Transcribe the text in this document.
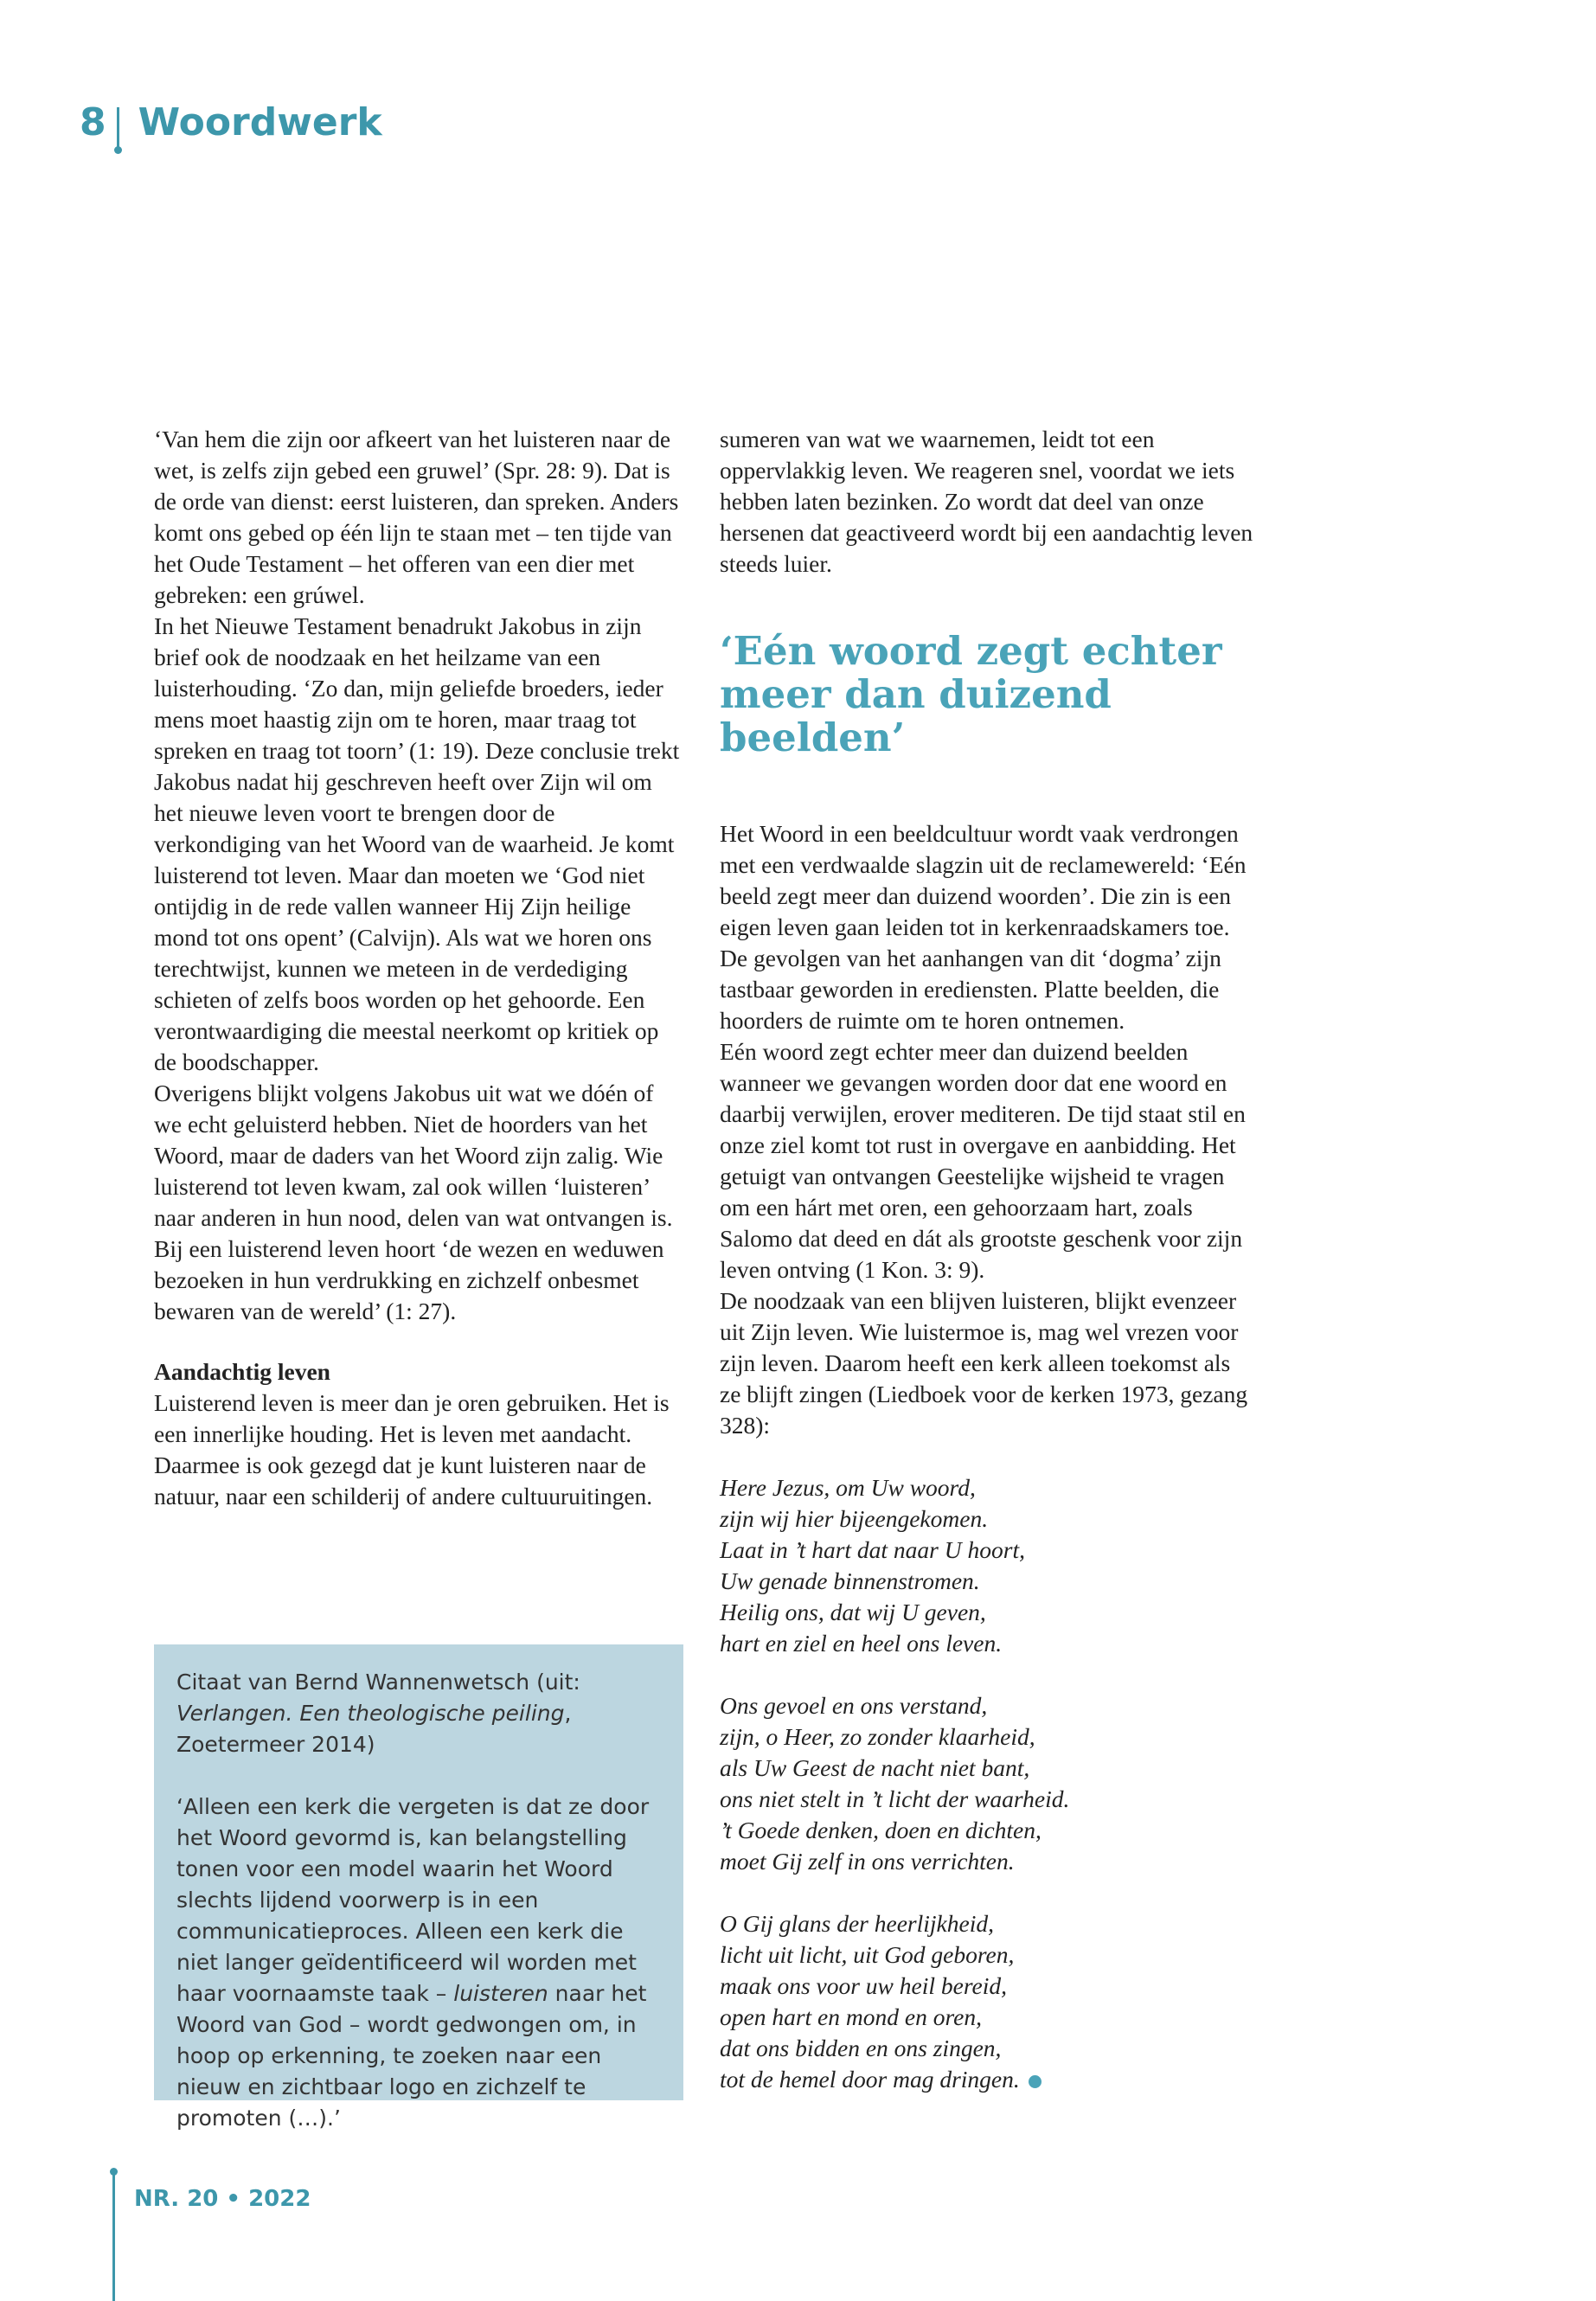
8 Woordwerk

‘Van hem die zijn oor afkeert van het luisteren naar de wet, is zelfs zijn gebed een gruwel’ (Spr. 28: 9). Dat is de orde van dienst: eerst luisteren, dan spreken. Anders komt ons gebed op één lijn te staan met – ten tijde van het Oude Testament – het offeren van een dier met gebreken: een grúwel.

In het Nieuwe Testament benadrukt Jakobus in zijn brief ook de noodzaak en het heilzame van een luisterhouding. ‘Zo dan, mijn geliefde broeders, ieder mens moet haastig zijn om te horen, maar traag tot spreken en traag tot toorn’ (1: 19). Deze conclusie trekt Jakobus nadat hij geschreven heeft over Zijn wil om het nieuwe leven voort te brengen door de verkondiging van het Woord van de waarheid. Je komt luisterend tot leven. Maar dan moeten we ‘God niet ontijdig in de rede vallen wanneer Hij Zijn heilige mond tot ons opent’ (Calvijn). Als wat we horen ons terechtwijst, kunnen we meteen in de verdediging schieten of zelfs boos worden op het gehoorde. Een verontwaardiging die meestal neerkomt op kritiek op de boodschapper.

Overigens blijkt volgens Jakobus uit wat we dóén of we echt geluisterd hebben. Niet de hoorders van het Woord, maar de daders van het Woord zijn zalig. Wie luisterend tot leven kwam, zal ook willen ‘luisteren’ naar anderen in hun nood, delen van wat ontvangen is. Bij een luisterend leven hoort ‘de wezen en weduwen bezoeken in hun verdrukking en zichzelf onbesmet bewaren van de wereld’ (1: 27).

Aandachtig leven

Luisterend leven is meer dan je oren gebruiken. Het is een innerlijke houding. Het is leven met aandacht. Daarmee is ook gezegd dat je kunt luisteren naar de natuur, naar een schilderij of andere cultuuruitingen.

sumeren van wat we waarnemen, leidt tot een oppervlakkig leven. We reageren snel, voordat we iets hebben laten bezinken. Zo wordt dat deel van onze hersenen dat geactiveerd wordt bij een aandachtig leven steeds luier.

‘Eén woord zegt echter meer dan duizend beelden’

Het Woord in een beeldcultuur wordt vaak verdrongen met een verdwaalde slagzin uit de reclamewereld: ‘Eén beeld zegt meer dan duizend woorden’. Die zin is een eigen leven gaan leiden tot in kerkenraadskamers toe. De gevolgen van het aanhangen van dit ‘dogma’ zijn tastbaar geworden in erediensten. Platte beelden, die hoorders de ruimte om te horen ontnemen.

Eén woord zegt echter meer dan duizend beelden wanneer we gevangen worden door dat ene woord en daarbij verwijlen, erover mediteren. De tijd staat stil en onze ziel komt tot rust in overgave en aanbidding. Het getuigt van ontvangen Geestelijke wijsheid te vragen om een hárt met oren, een gehoorzaam hart, zoals Salomo dat deed en dát als grootste geschenk voor zijn leven ontving (1 Kon. 3: 9).

De noodzaak van een blijven luisteren, blijkt evenzeer uit Zijn leven. Wie luistermoe is, mag wel vrezen voor zijn leven. Daarom heeft een kerk alleen toekomst als ze blijft zingen (Liedboek voor de kerken 1973, gezang 328):

Here Jezus, om Uw woord,
zijn wij hier bijeengekomen.
Laat in ’t hart dat naar U hoort,
Uw genade binnenstromen.
Heilig ons, dat wij U geven,
hart en ziel en heel ons leven.

Ons gevoel en ons verstand,
zijn, o Heer, zo zonder klaarheid,
als Uw Geest de nacht niet bant,
ons niet stelt in ’t licht der waarheid.
’t Goede denken, doen en dichten,
moet Gij zelf in ons verrichten.

O Gij glans der heerlijkheid,
licht uit licht, uit God geboren,
maak ons voor uw heil bereid,
open hart en mond en oren,
dat ons bidden en ons zingen,
tot de hemel door mag dringen.

Citaat van Bernd Wannenwetsch (uit: Verlangen. Een theologische peiling, Zoetermeer 2014)

‘Alleen een kerk die vergeten is dat ze door het Woord gevormd is, kan belangstelling tonen voor een model waarin het Woord slechts lijdend voorwerp is in een communicatieproces. Alleen een kerk die niet langer geïdentificeerd wil worden met haar voornaamste taak – luisteren naar het Woord van God – wordt gedwongen om, in hoop op erkenning, te zoeken naar een nieuw en zichtbaar logo en zichzelf te promoten (…).’

NR. 20 • 2022
